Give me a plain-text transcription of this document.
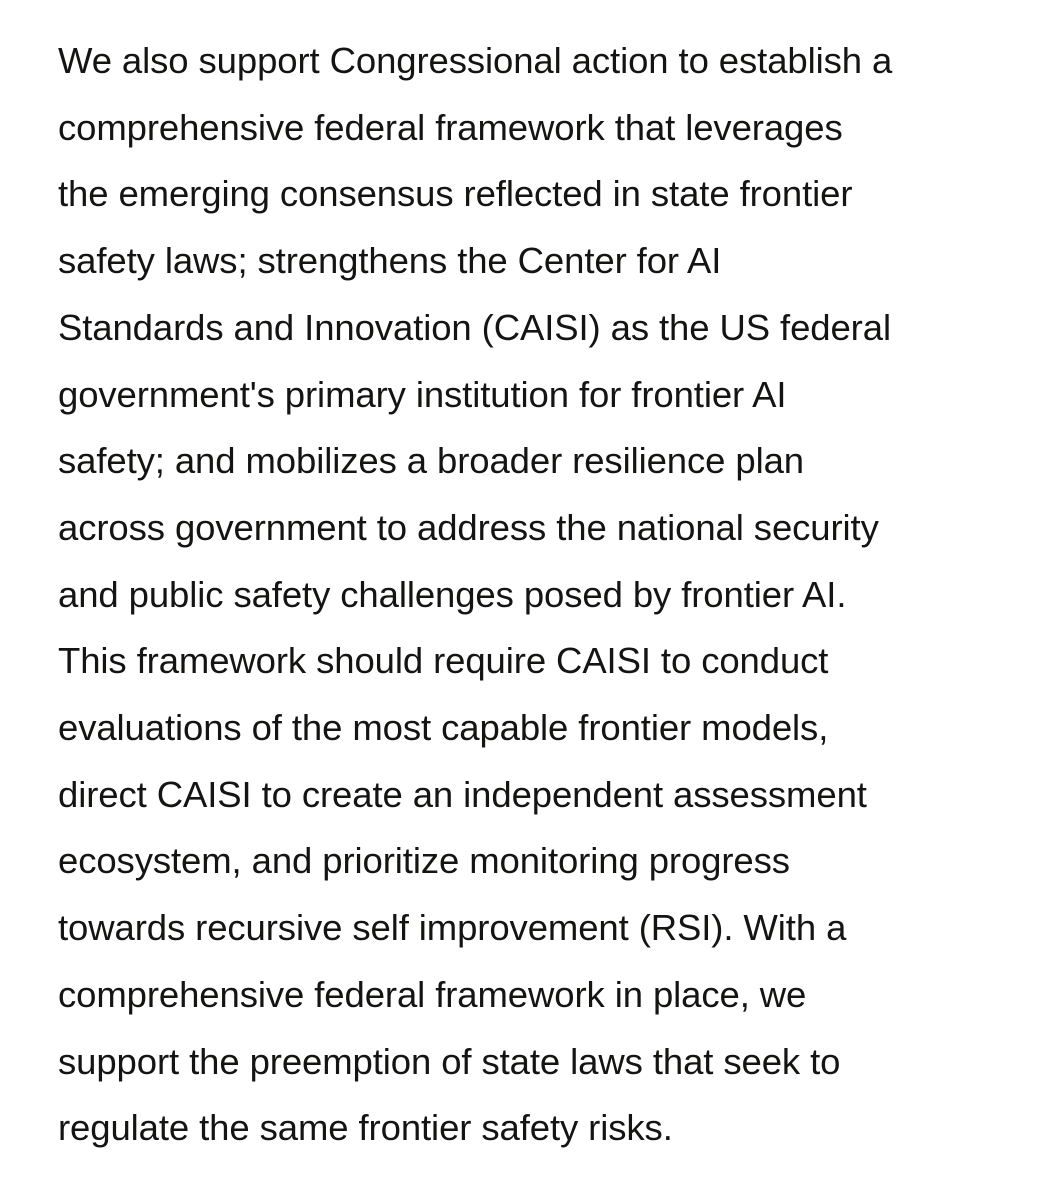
We also support Congressional action to establish a
comprehensive federal framework that leverages
the emerging consensus reflected in state frontier
safety laws; strengthens the Center for AI
Standards and Innovation (CAISI) as the US federal
government's primary institution for frontier AI
safety; and mobilizes a broader resilience plan
across government to address the national security
and public safety challenges posed by frontier AI.
This framework should require CAISI to conduct
evaluations of the most capable frontier models,
direct CAISI to create an independent assessment
ecosystem, and prioritize monitoring progress
towards recursive self improvement (RSI). With a
comprehensive federal framework in place, we
support the preemption of state laws that seek to
regulate the same frontier safety risks.
